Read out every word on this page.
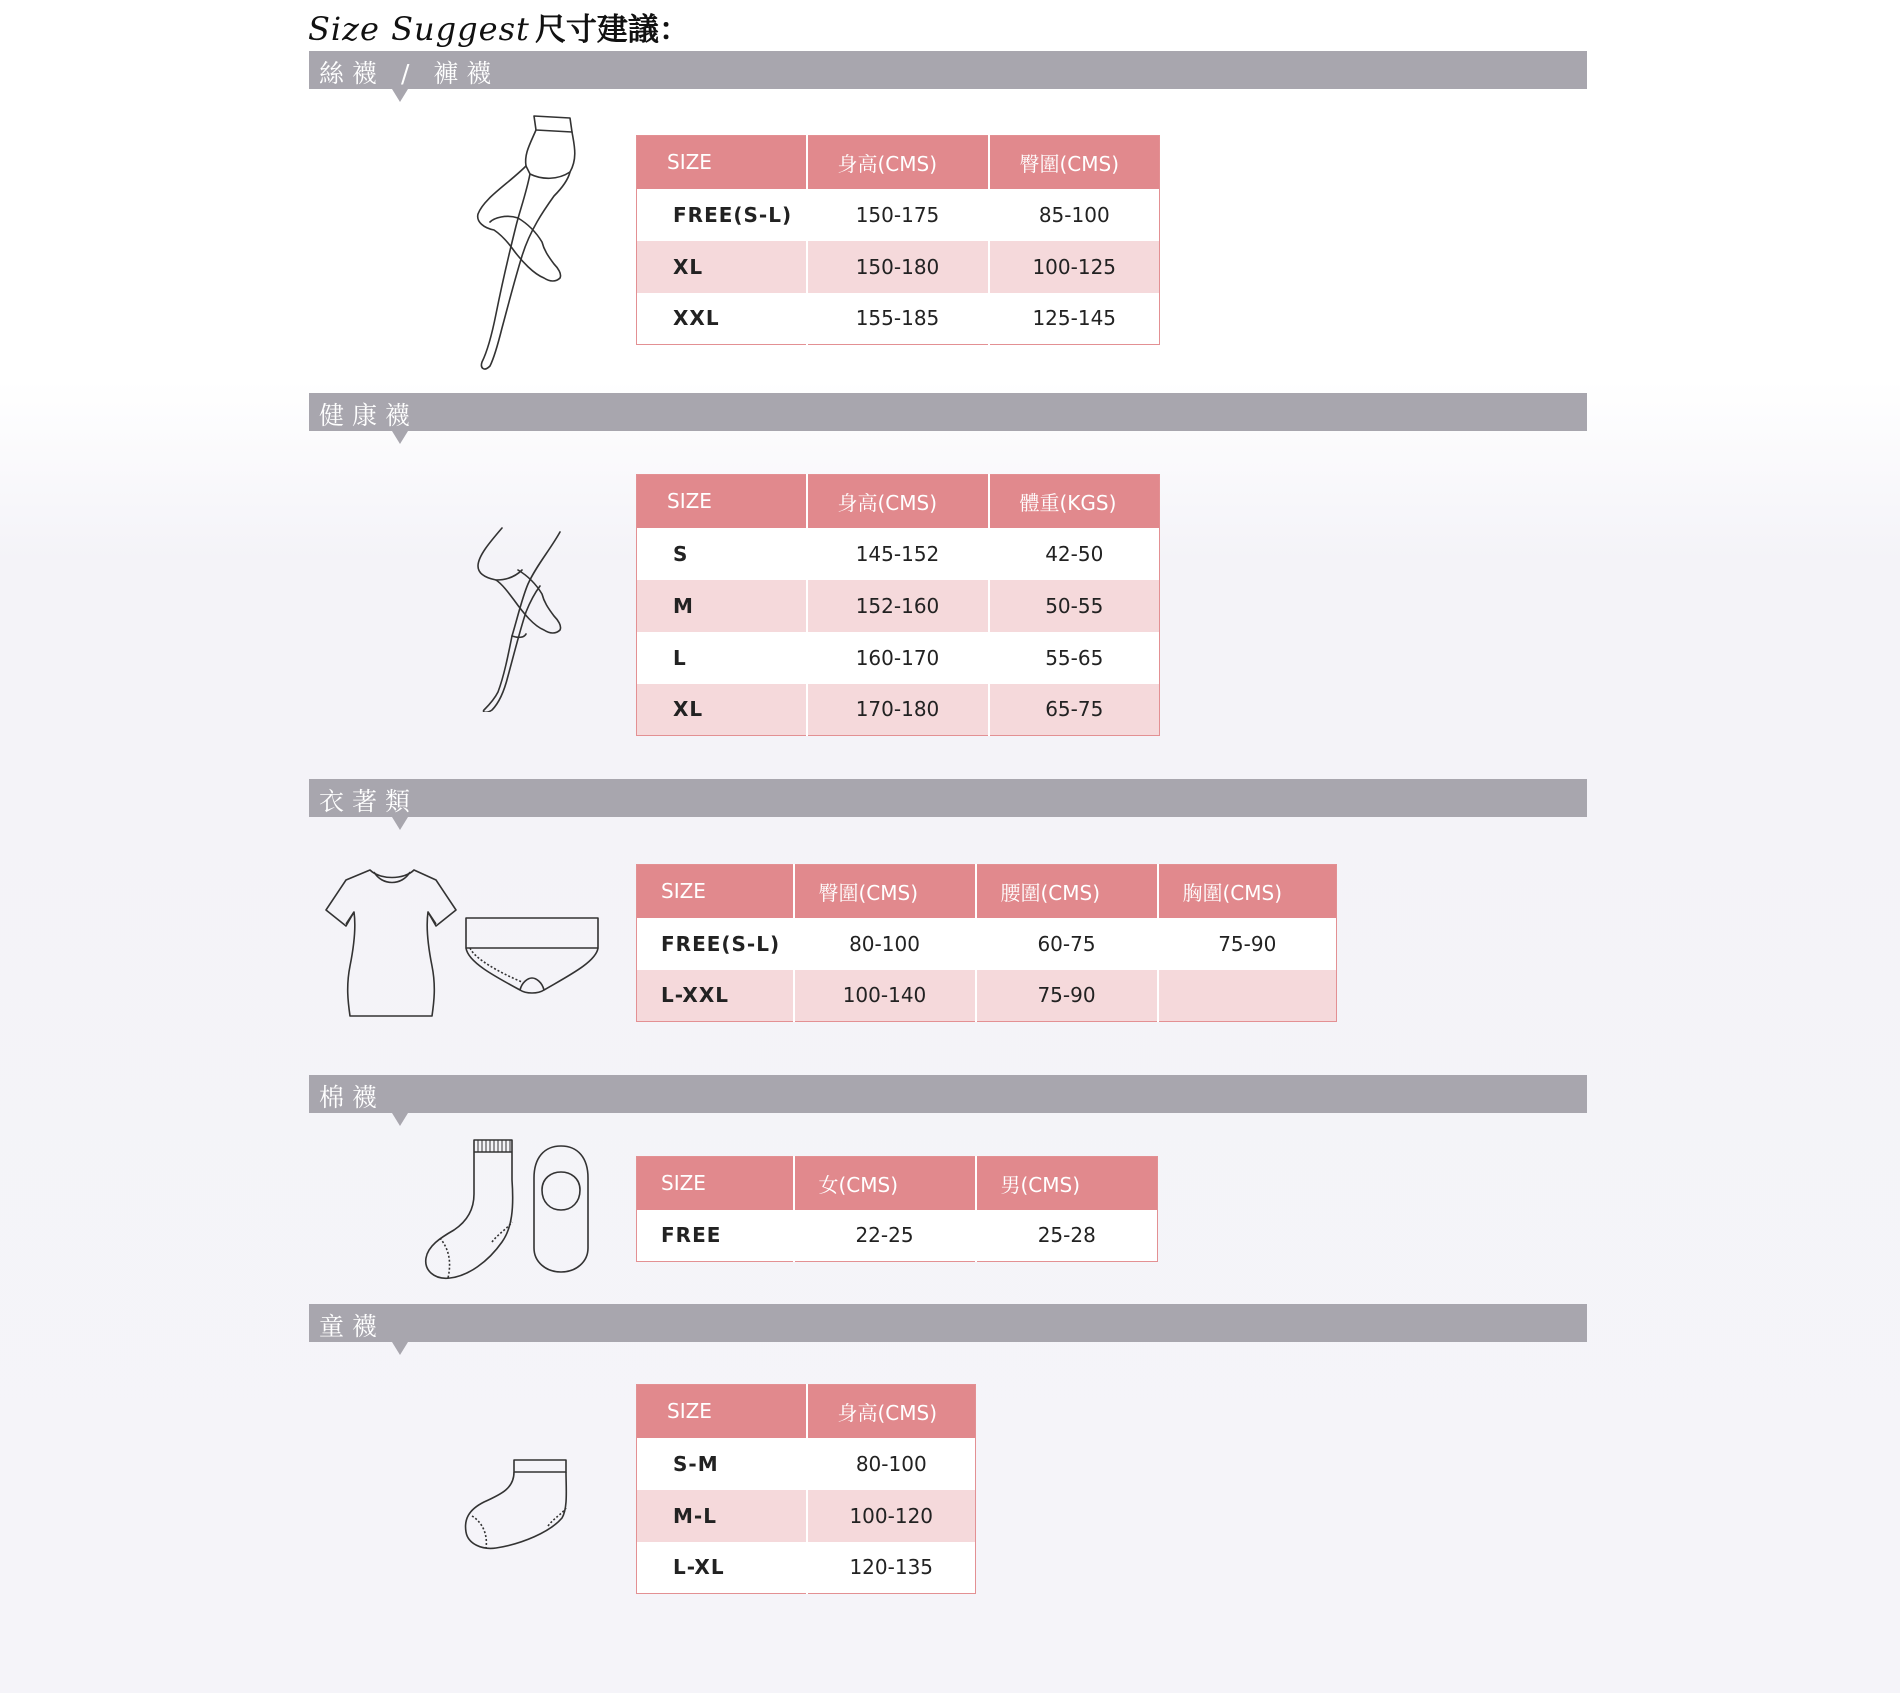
Size Suggest 尺寸建議：
絲襪 / 褲襪
SIZE	身高(CMS)	臀圍(CMS)
FREE(S-L)	150-175	85-100
XL	150-180	100-125
XXL	155-185	125-145
健康襪
SIZE	身高(CMS)	體重(KGS)
S	145-152	42-50
M	152-160	50-55
L	160-170	55-65
XL	170-180	65-75
衣著類
SIZE	臀圍(CMS)	腰圍(CMS)	胸圍(CMS)
FREE(S-L)	80-100	60-75	75-90
L-XXL	100-140	75-90	
棉襪
SIZE	女(CMS)	男(CMS)
FREE	22-25	25-28
童襪
SIZE	身高(CMS)
S-M	80-100
M-L	100-120
L-XL	120-135
